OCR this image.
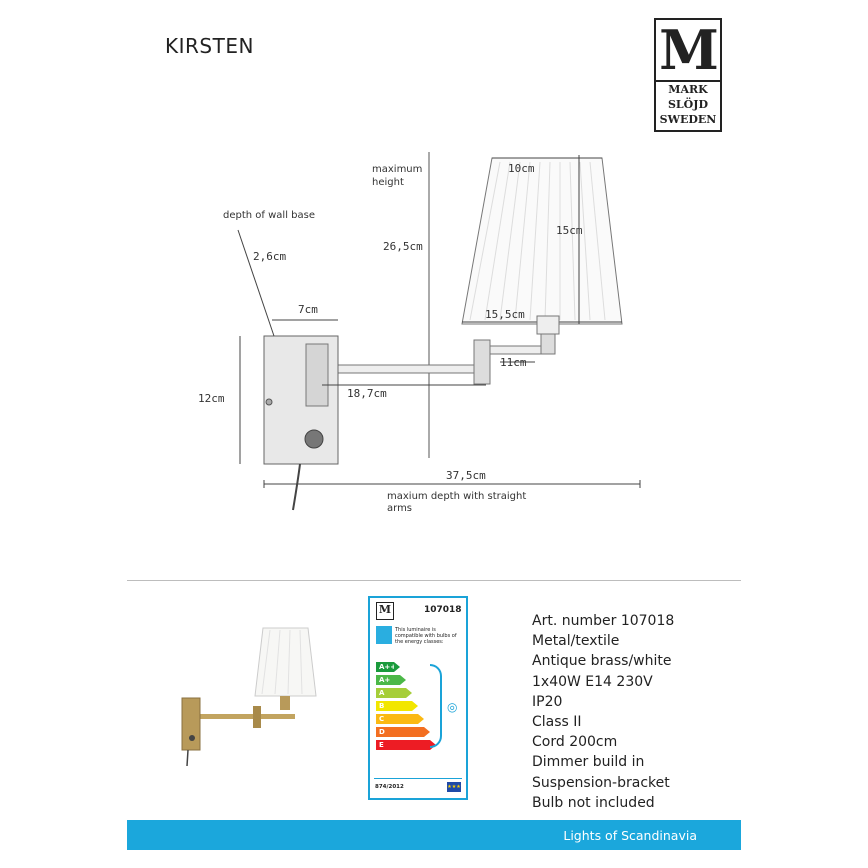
KIRSTEN	M
MARK
SLÖJD
SWEDEN
maximum
height
26,5cm
10cm
15cm
15,5cm
depth of wall base
2,6cm
7cm
12cm	18,7cm
11cm
37,5cm
maxium depth with straight
arms
M	107018
This luminaire is compatible with bulbs of the energy classes:
A++
A+
A
B
C
D
E
◎
874/2012	★★★
Art. number 107018
Metal/textile
Antique brass/white
1x40W E14 230V
IP20
Class II
Cord 200cm
Dimmer build in
Suspension-bracket
Bulb not included
Lights of Scandinavia
